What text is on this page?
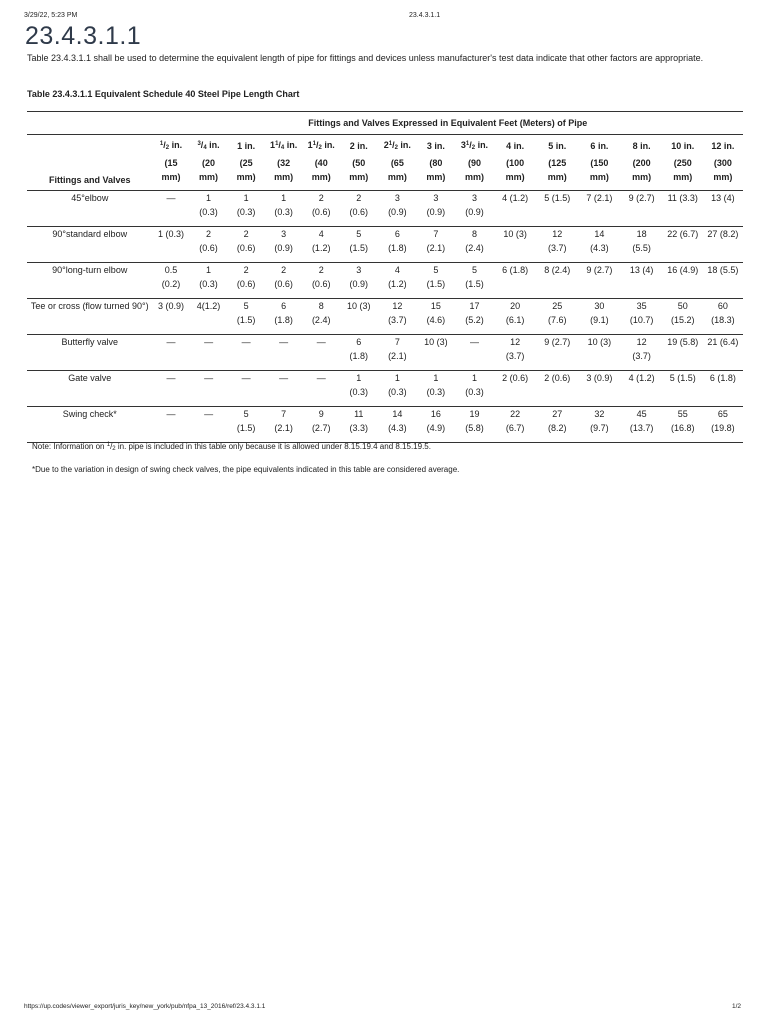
3/29/22, 5:23 PM	23.4.3.1.1
23.4.3.1.1
Table 23.4.3.1.1 shall be used to determine the equivalent length of pipe for fittings and devices unless manufacturer's test data indicate that other factors are appropriate.
Table 23.4.3.1.1 Equivalent Schedule 40 Steel Pipe Length Chart
	Fittings and Valves Expressed in Equivalent Feet (Meters) of Pipe														
	$^1/_2$ in.	$^3/_4$ in.	1 in.	$1^1/_4$ in.	$1^1/_2$ in.	2 in.	$2^1/_2$ in.	3 in.	$3^1/_2$ in.	4 in.	5 in.	6 in.	8 in.	10 in.	12 in.
Fittings and Valves	(15
mm)	(20
mm)	(25
mm)	(32
mm)	(40
mm)	(50
mm)	(65
mm)	(80
mm)	(90
mm)	(100
mm)	(125
mm)	(150
mm)	(200
mm)	(250
mm)	(300
mm)

45°elbow	—	1
(0.3)	1
(0.3)	1
(0.3)	2
(0.6)	2
(0.6)	3
(0.9)	3
(0.9)	3
(0.9)	4 (1.2)	5 (1.5)	7 (2.1)	9 (2.7)	11 (3.3)	13 (4)

90°standard elbow	1 (0.3)	2
(0.6)	2
(0.6)	3
(0.9)	4
(1.2)	5
(1.5)	6
(1.8)	7
(2.1)	8
(2.4)	10 (3)	12
(3.7)	14
(4.3)	18
(5.5)	22 (6.7)	27 (8.2)

90°long-turn elbow	0.5
(0.2)	1
(0.3)	2
(0.6)	2
(0.6)	2
(0.6)	3
(0.9)	4
(1.2)	5
(1.5)	5
(1.5)	6 (1.8)	8 (2.4)	9 (2.7)	13 (4)	16 (4.9)	18 (5.5)

Tee or cross (flow turned 90°)	3 (0.9)	4(1.2)	5
(1.5)	6
(1.8)	8
(2.4)	10 (3)	12
(3.7)	15
(4.6)	17
(5.2)	20
(6.1)	25
(7.6)	30
(9.1)	35
(10.7)	50
(15.2)	60
(18.3)

Butterfly valve	—	—	—	—	—	6
(1.8)	7
(2.1)	10 (3)	—	12
(3.7)	9 (2.7)	10 (3)	12
(3.7)	19 (5.8)	21 (6.4)

Gate valve	—	—	—	—	—	1
(0.3)	1
(0.3)	1
(0.3)	1
(0.3)	2 (0.6)	2 (0.6)	3 (0.9)	4 (1.2)	5 (1.5)	6 (1.8)

Swing check*	—	—	5
(1.5)	7
(2.1)	9
(2.7)	11
(3.3)	14
(4.3)	16
(4.9)	19
(5.8)	22
(6.7)	27
(8.2)	32
(9.7)	45
(13.7)	55
(16.8)	65
(19.8)
Note: Information on $^1/_2$ in. pipe is included in this table only because it is allowed under 8.15.19.4 and 8.15.19.5.
*Due to the variation in design of swing check valves, the pipe equivalents indicated in this table are considered average.
https://up.codes/viewer_export/juris_key/new_york/pub/nfpa_13_2016/ref/23.4.3.1.1	1/2
